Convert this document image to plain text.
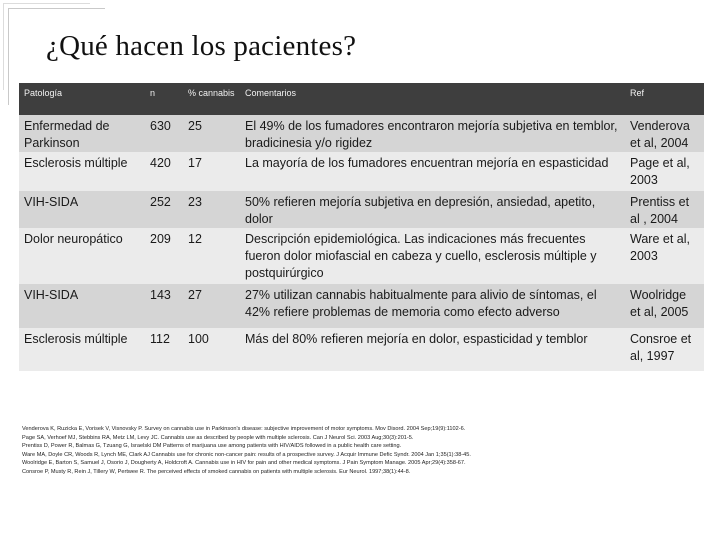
¿Qué hacen los pacientes?
Patología	n	% cannabis	Comentarios	Ref
Enfermedad de Parkinson	630	25	El 49% de los fumadores encontraron mejoría subjetiva en temblor, bradicinesia y/o rigidez	Venderova et al, 2004
Esclerosis múltiple	420	17	La mayoría de los fumadores encuentran mejoría en espasticidad	Page et al, 2003
VIH-SIDA	252	23	50% refieren mejoría subjetiva en depresión, ansiedad, apetito, dolor	Prentiss et al , 2004
Dolor neuropático	209	12	Descripción epidemiológica. Las indicaciones más frecuentes fueron dolor miofascial en cabeza y cuello, esclerosis múltiple y postquirúrgico	Ware et al, 2003
VIH-SIDA	143	27	27% utilizan cannabis habitualmente para alivio de síntomas, el 42% refiere problemas de memoria como efecto adverso	Woolridge et al, 2005
Esclerosis múltiple	112	100	Más del 80% refieren mejoría en dolor, espasticidad y temblor	Consroe et al, 1997

Venderova K, Ruzicka E, Vorisek V, Visnovsky P. Survey on cannabis use in Parkinson's disease: subjective improvement of motor symptoms. Mov Disord. 2004 Sep;19(9):1102-6.

Page SA, Verhoef MJ, Stebbins RA, Metz LM, Levy JC. Cannabis use as described by people with multiple sclerosis. Can J Neurol Sci. 2003 Aug;30(3):201-5.

Prentiss D, Power R, Balmas G, Tzuang G, Israelski DM Patterns of marijuana use among patients with HIV/AIDS followed in a public health care setting.

Ware MA, Doyle CR, Woods R, Lynch ME, Clark AJ Cannabis use for chronic non-cancer pain: results of a prospective survey. J Acquir Immune Defic Syndr. 2004 Jan 1;35(1):38-45.

Woolridge E, Barton S, Samuel J, Osorio J, Dougherty A, Holdcroft A. Cannabis use in HIV for pain and other medical symptoms. J Pain Symptom Manage. 2005 Apr;29(4):358-67.

Consroe P, Musty R, Rein J, Tillery W, Pertwee R. The perceived effects of smoked cannabis on patients with multiple sclerosis. Eur Neurol. 1997;38(1):44-8.
